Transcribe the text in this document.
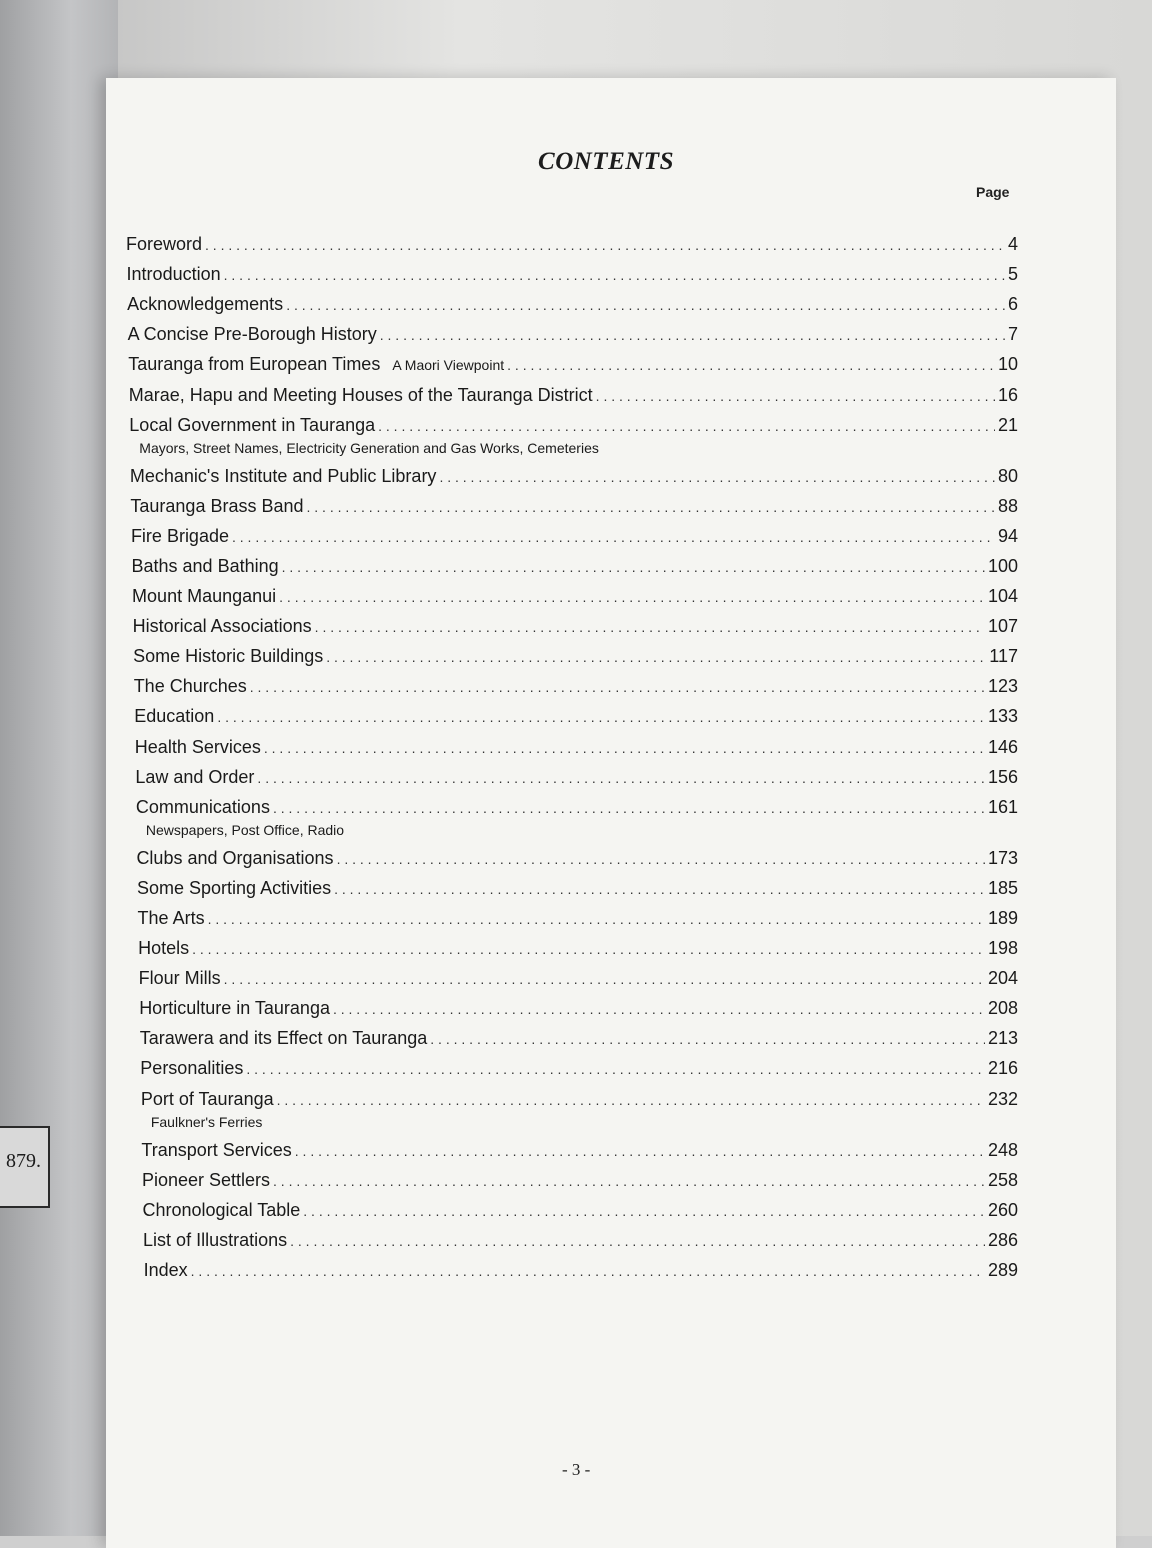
879.
CONTENTS
Page
Foreword . . .	4
Introduction . . .	5
Acknowledgements . . .	6
A Concise Pre-Borough History . . .	7
Tauranga from European Times A Maori Viewpoint . . .	10
Marae, Hapu and Meeting Houses of the Tauranga District . . .	16
Local Government in Tauranga . . .	21
Mayors, Street Names, Electricity Generation and Gas Works, Cemeteries
Mechanic's Institute and Public Library . . .	80
Tauranga Brass Band . . .	88
Fire Brigade . . .	94
Baths and Bathing . . .	100
Mount Maunganui . . .	104
Historical Associations . . .	107
Some Historic Buildings . . .	117
The Churches . . .	123
Education . . .	133
Health Services . . .	146
Law and Order . . .	156
Communications . . .	161
Newspapers, Post Office, Radio
Clubs and Organisations . . .	173
Some Sporting Activities . . .	185
The Arts . . .	189
Hotels . . .	198
Flour Mills . . .	204
Horticulture in Tauranga . . .	208
Tarawera and its Effect on Tauranga . . .	213
Personalities . . .	216
Port of Tauranga . . .	232
Faulkner's Ferries
Transport Services . . .	248
Pioneer Settlers . . .	258
Chronological Table . . .	260
List of Illustrations . . .	286
Index . . .	289
- 3 -
